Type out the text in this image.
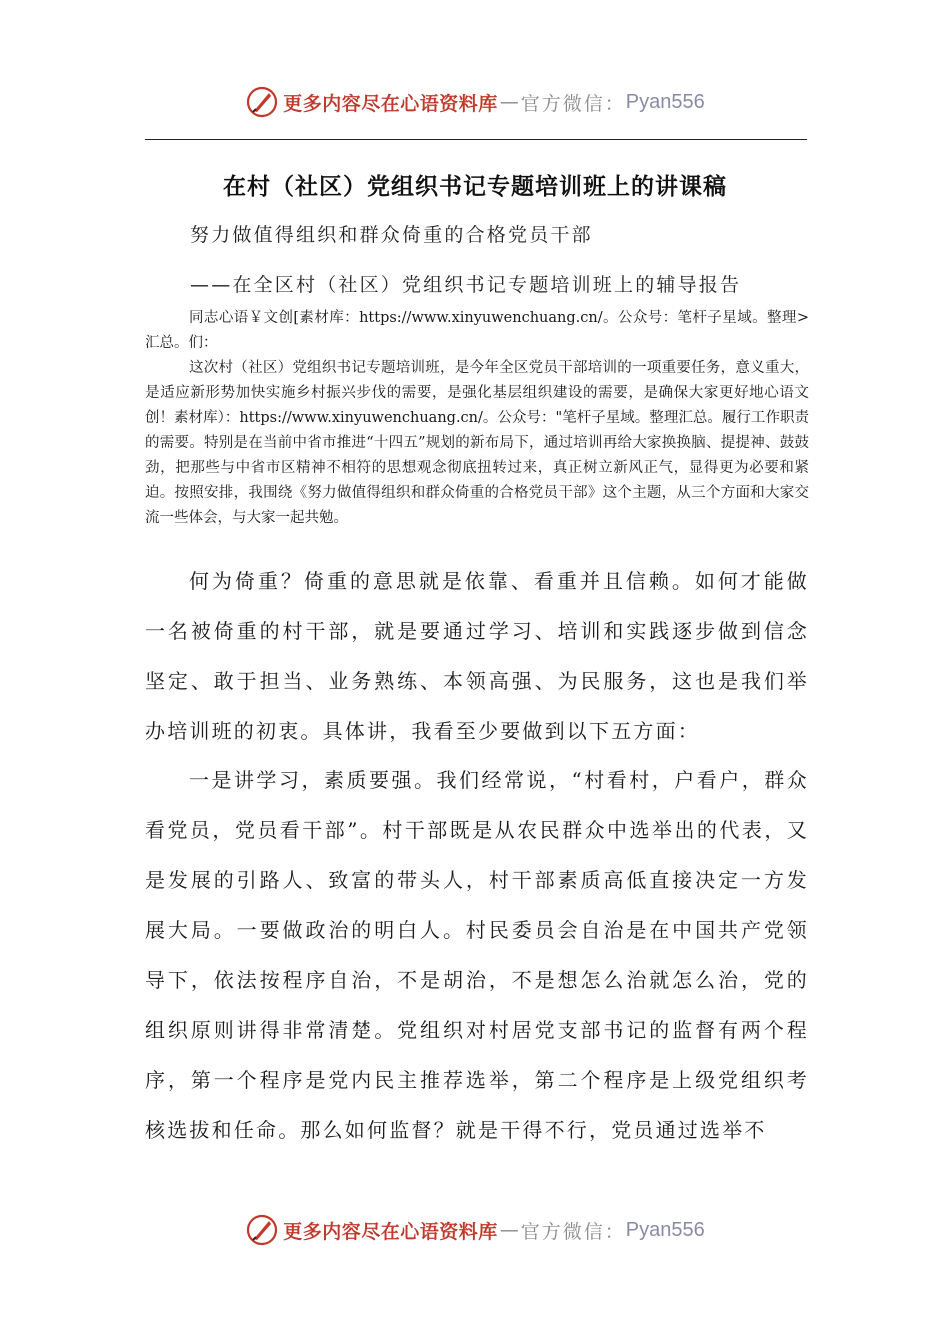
更多内容尽在心语资料库 — 官方微信： Pyan556
在村（社区）党组织书记专题培训班上的讲课稿
努力做值得组织和群众倚重的合格党员干部
——在全区村（社区）党组织书记专题培训班上的辅导报告
同志心语￥文创[素材库：https://www.xinyuwenchuang.cn/。公众号：笔杆子星域。整理>汇总。们：
这次村（社区）党组织书记专题培训班，是今年全区党员干部培训的一项重要任务，意义重大，是适应新形势加快实施乡村振兴步伐的需要，是强化基层组织建设的需要，是确保大家更好地心语文创！素材库）：https://www.xinyuwenchuang.cn/。公众号："笔杆子星域。整理汇总。履行工作职责的需要。特别是在当前中省市推进“十四五”规划的新布局下，通过培训再给大家换换脑、提提神、鼓鼓劲，把那些与中省市区精神不相符的思想观念彻底扭转过来，真正树立新风正气，显得更为必要和紧迫。按照安排，我围绕《努力做值得组织和群众倚重的合格党员干部》这个主题，从三个方面和大家交流一些体会，与大家一起共勉。
何为倚重？倚重的意思就是依靠、看重并且信赖。如何才能做一名被倚重的村干部，就是要通过学习、培训和实践逐步做到信念坚定、敢于担当、业务熟练、本领高强、为民服务，这也是我们举办培训班的初衷。具体讲，我看至少要做到以下五方面：
一是讲学习，素质要强。我们经常说，“村看村，户看户，群众看党员，党员看干部”。村干部既是从农民群众中选举出的代表，又是发展的引路人、致富的带头人，村干部素质高低直接决定一方发展大局。一要做政治的明白人。村民委员会自治是在中国共产党领导下，依法按程序自治，不是胡治，不是想怎么治就怎么治，党的组织原则讲得非常清楚。党组织对村居党支部书记的监督有两个程序，第一个程序是党内民主推荐选举，第二个程序是上级党组织考核选拔和任命。那么如何监督？就是干得不行，党员通过选举不
更多内容尽在心语资料库 — 官方微信： Pyan556
